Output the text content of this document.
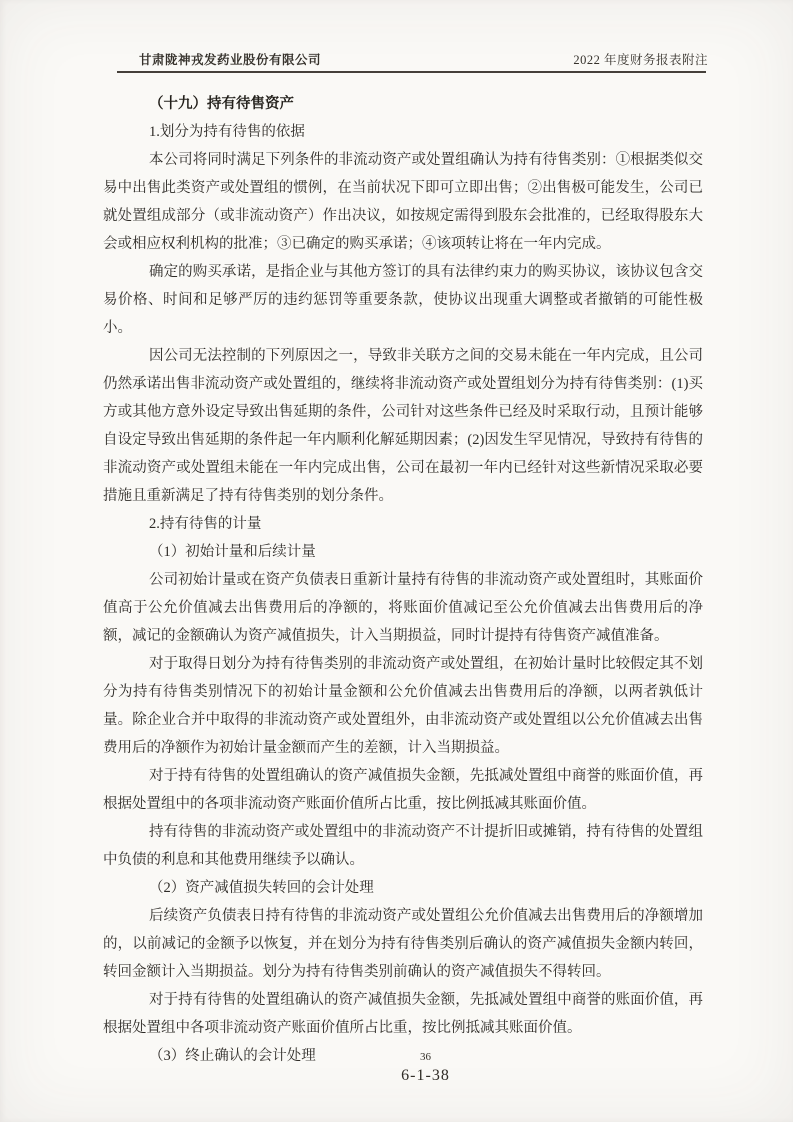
甘肃陇神戎发药业股份有限公司	2022 年度财务报表附注

（十九）持有待售资产

1.划分为持有待售的依据

本公司将同时满足下列条件的非流动资产或处置组确认为持有待售类别：①根据类似交易中出售此类资产或处置组的惯例，在当前状况下即可立即出售；②出售极可能发生，公司已就处置组成部分（或非流动资产）作出决议，如按规定需得到股东会批准的，已经取得股东大会或相应权利机构的批准；③已确定的购买承诺；④该项转让将在一年内完成。

确定的购买承诺，是指企业与其他方签订的具有法律约束力的购买协议，该协议包含交易价格、时间和足够严厉的违约惩罚等重要条款，使协议出现重大调整或者撤销的可能性极小。

因公司无法控制的下列原因之一，导致非关联方之间的交易未能在一年内完成，且公司仍然承诺出售非流动资产或处置组的，继续将非流动资产或处置组划分为持有待售类别：(1)买方或其他方意外设定导致出售延期的条件，公司针对这些条件已经及时采取行动，且预计能够自设定导致出售延期的条件起一年内顺利化解延期因素；(2)因发生罕见情况，导致持有待售的非流动资产或处置组未能在一年内完成出售，公司在最初一年内已经针对这些新情况采取必要措施且重新满足了持有待售类别的划分条件。

2.持有待售的计量

（1）初始计量和后续计量

公司初始计量或在资产负债表日重新计量持有待售的非流动资产或处置组时，其账面价值高于公允价值减去出售费用后的净额的，将账面价值减记至公允价值减去出售费用后的净额，减记的金额确认为资产减值损失，计入当期损益，同时计提持有待售资产减值准备。

对于取得日划分为持有待售类别的非流动资产或处置组，在初始计量时比较假定其不划分为持有待售类别情况下的初始计量金额和公允价值减去出售费用后的净额，以两者孰低计量。除企业合并中取得的非流动资产或处置组外，由非流动资产或处置组以公允价值减去出售费用后的净额作为初始计量金额而产生的差额，计入当期损益。

对于持有待售的处置组确认的资产减值损失金额，先抵减处置组中商誉的账面价值，再根据处置组中的各项非流动资产账面价值所占比重，按比例抵减其账面价值。

持有待售的非流动资产或处置组中的非流动资产不计提折旧或摊销，持有待售的处置组中负债的利息和其他费用继续予以确认。

（2）资产减值损失转回的会计处理

后续资产负债表日持有待售的非流动资产或处置组公允价值减去出售费用后的净额增加的，以前减记的金额予以恢复，并在划分为持有待售类别后确认的资产减值损失金额内转回，转回金额计入当期损益。划分为持有待售类别前确认的资产减值损失不得转回。

对于持有待售的处置组确认的资产减值损失金额，先抵减处置组中商誉的账面价值，再根据处置组中各项非流动资产账面价值所占比重，按比例抵减其账面价值。

（3）终止确认的会计处理	36
6-1-38
